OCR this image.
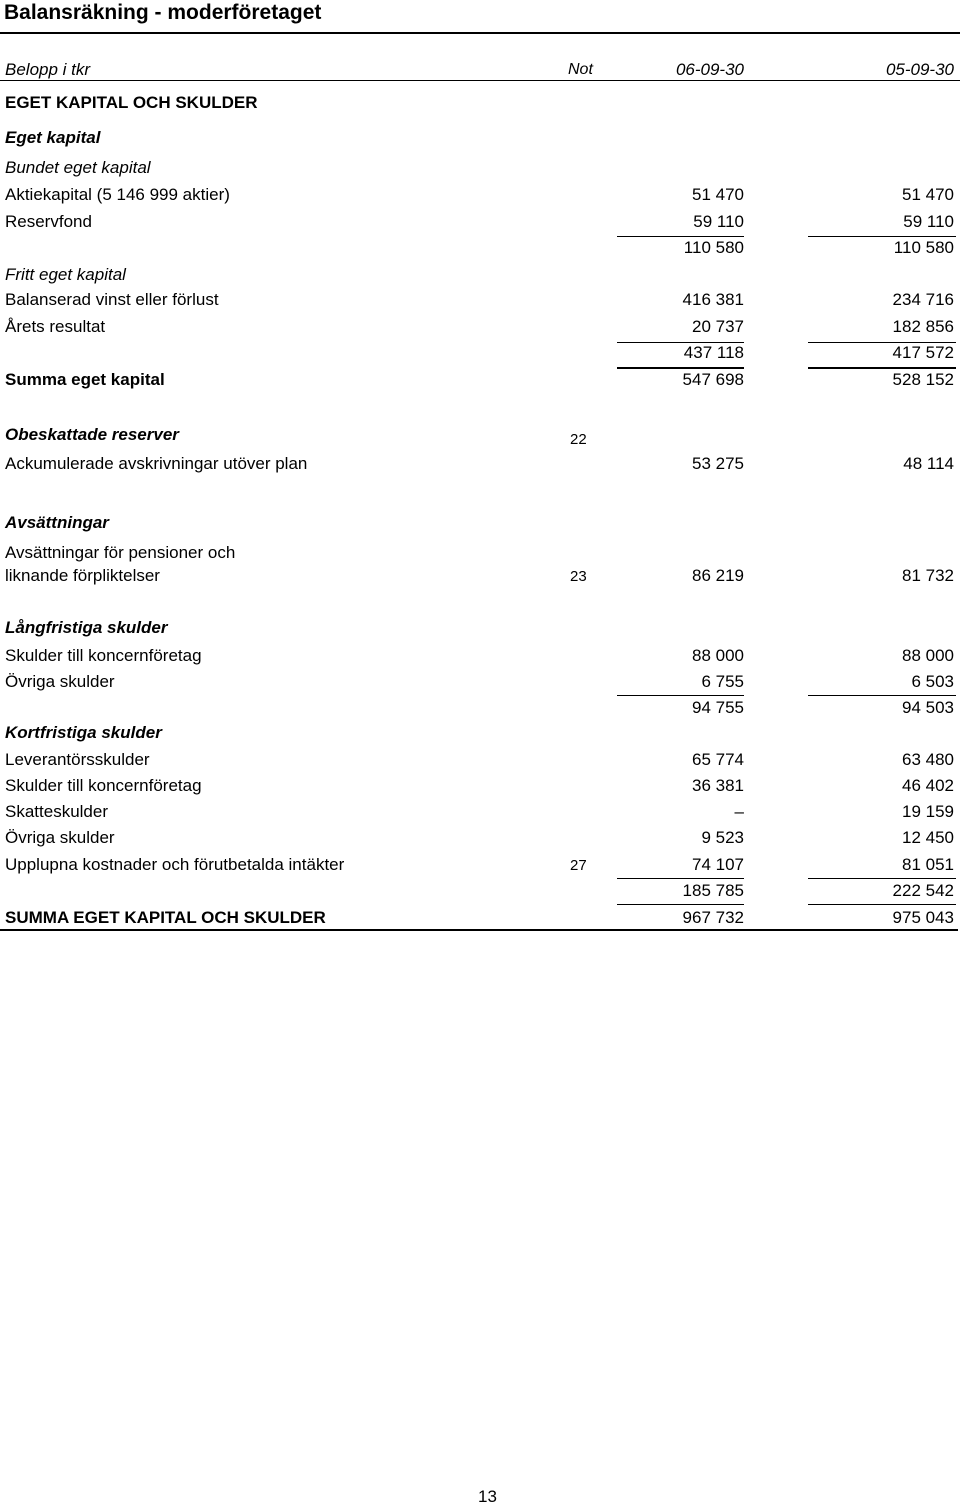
Balansräkning - moderföretaget
Belopp i tkr	Not	06-09-30	05-09-30
EGET KAPITAL OCH SKULDER
Eget kapital
Bundet eget kapital
Aktiekapital (5 146 999 aktier)	51 470	51 470
Reservfond	59 110	59 110
110 580	110 580
Fritt eget kapital
Balanserad vinst eller förlust	416 381	234 716
Årets resultat	20 737	182 856
437 118	417 572
Summa eget kapital	547 698	528 152
Obeskattade reserver	22
Ackumulerade avskrivningar utöver plan	53 275	48 114
Avsättningar
Avsättningar för pensioner och
liknande förpliktelser	23	86 219	81 732
Långfristiga skulder
Skulder till koncernföretag	88 000	88 000
Övriga skulder	6 755	6 503
94 755	94 503
Kortfristiga skulder
Leverantörsskulder	65 774	63 480
Skulder till koncernföretag	36 381	46 402
Skatteskulder	–	19 159
Övriga skulder	9 523	12 450
Upplupna kostnader och förutbetalda intäkter	27	74 107	81 051
185 785	222 542
SUMMA EGET KAPITAL OCH SKULDER	967 732	975 043
13
